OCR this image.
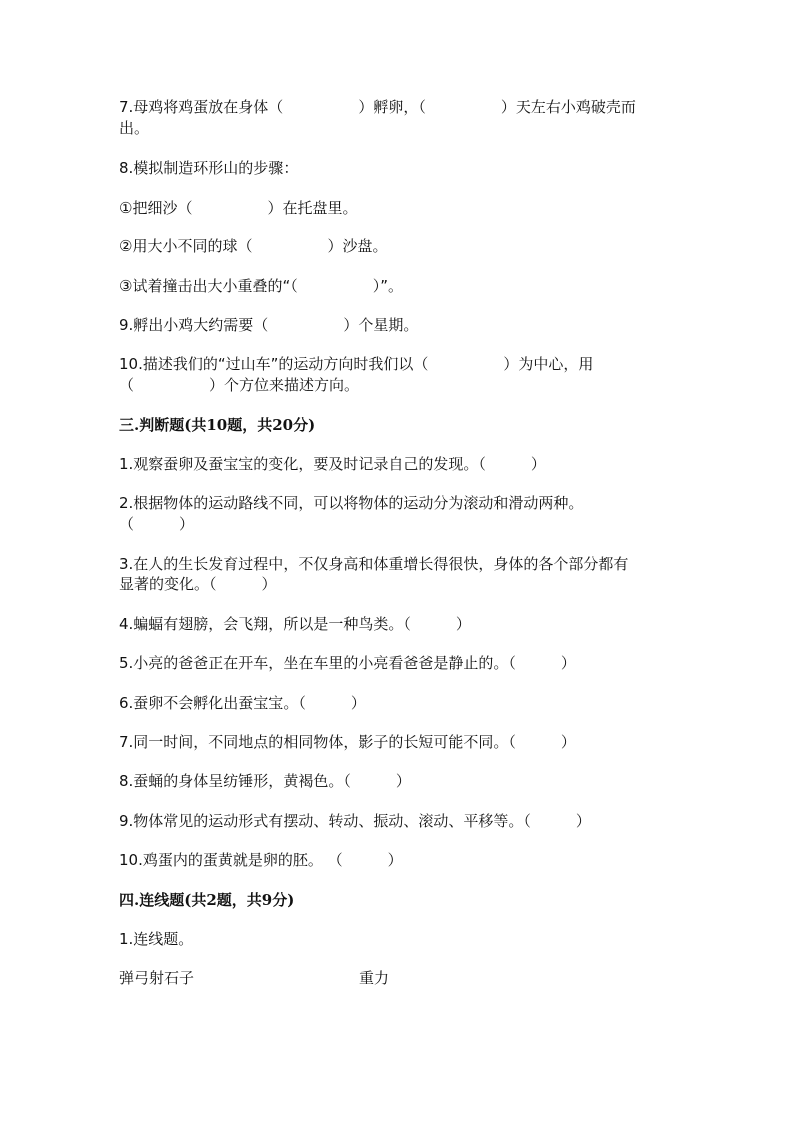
7.母鸡将鸡蛋放在身体（　　　　　）孵卵，（　　　　　）天左右小鸡破壳而
出。
8.模拟制造环形山的步骤：
①把细沙（　　　　　）在托盘里。
②用大小不同的球（　　　　　）沙盘。
③试着撞击出大小重叠的“（　　　　　）”。
9.孵出小鸡大约需要（　　　　　）个星期。
10.描述我们的“过山车”的运动方向时我们以（　　　　　）为中心，用
（　　　　　）个方位来描述方向。
三.判断题(共10题，共20分)
1.观察蚕卵及蚕宝宝的变化，要及时记录自己的发现。（　　　）
2.根据物体的运动路线不同，可以将物体的运动分为滚动和滑动两种。
（　　　）
3.在人的生长发育过程中，不仅身高和体重增长得很快，身体的各个部分都有
显著的变化。（　　　）
4.蝙蝠有翅膀，会飞翔，所以是一种鸟类。（　　　）
5.小亮的爸爸正在开车，坐在车里的小亮看爸爸是静止的。（　　　）
6.蚕卵不会孵化出蚕宝宝。（　　　）
7.同一时间，不同地点的相同物体，影子的长短可能不同。（　　　）
8.蚕蛹的身体呈纺锤形，黄褐色。（　　　）
9.物体常见的运动形式有摆动、转动、振动、滚动、平移等。（　　　）
10.鸡蛋内的蛋黄就是卵的胚。 （　　　）
四.连线题(共2题，共9分)
1.连线题。
弹弓射石子	重力
